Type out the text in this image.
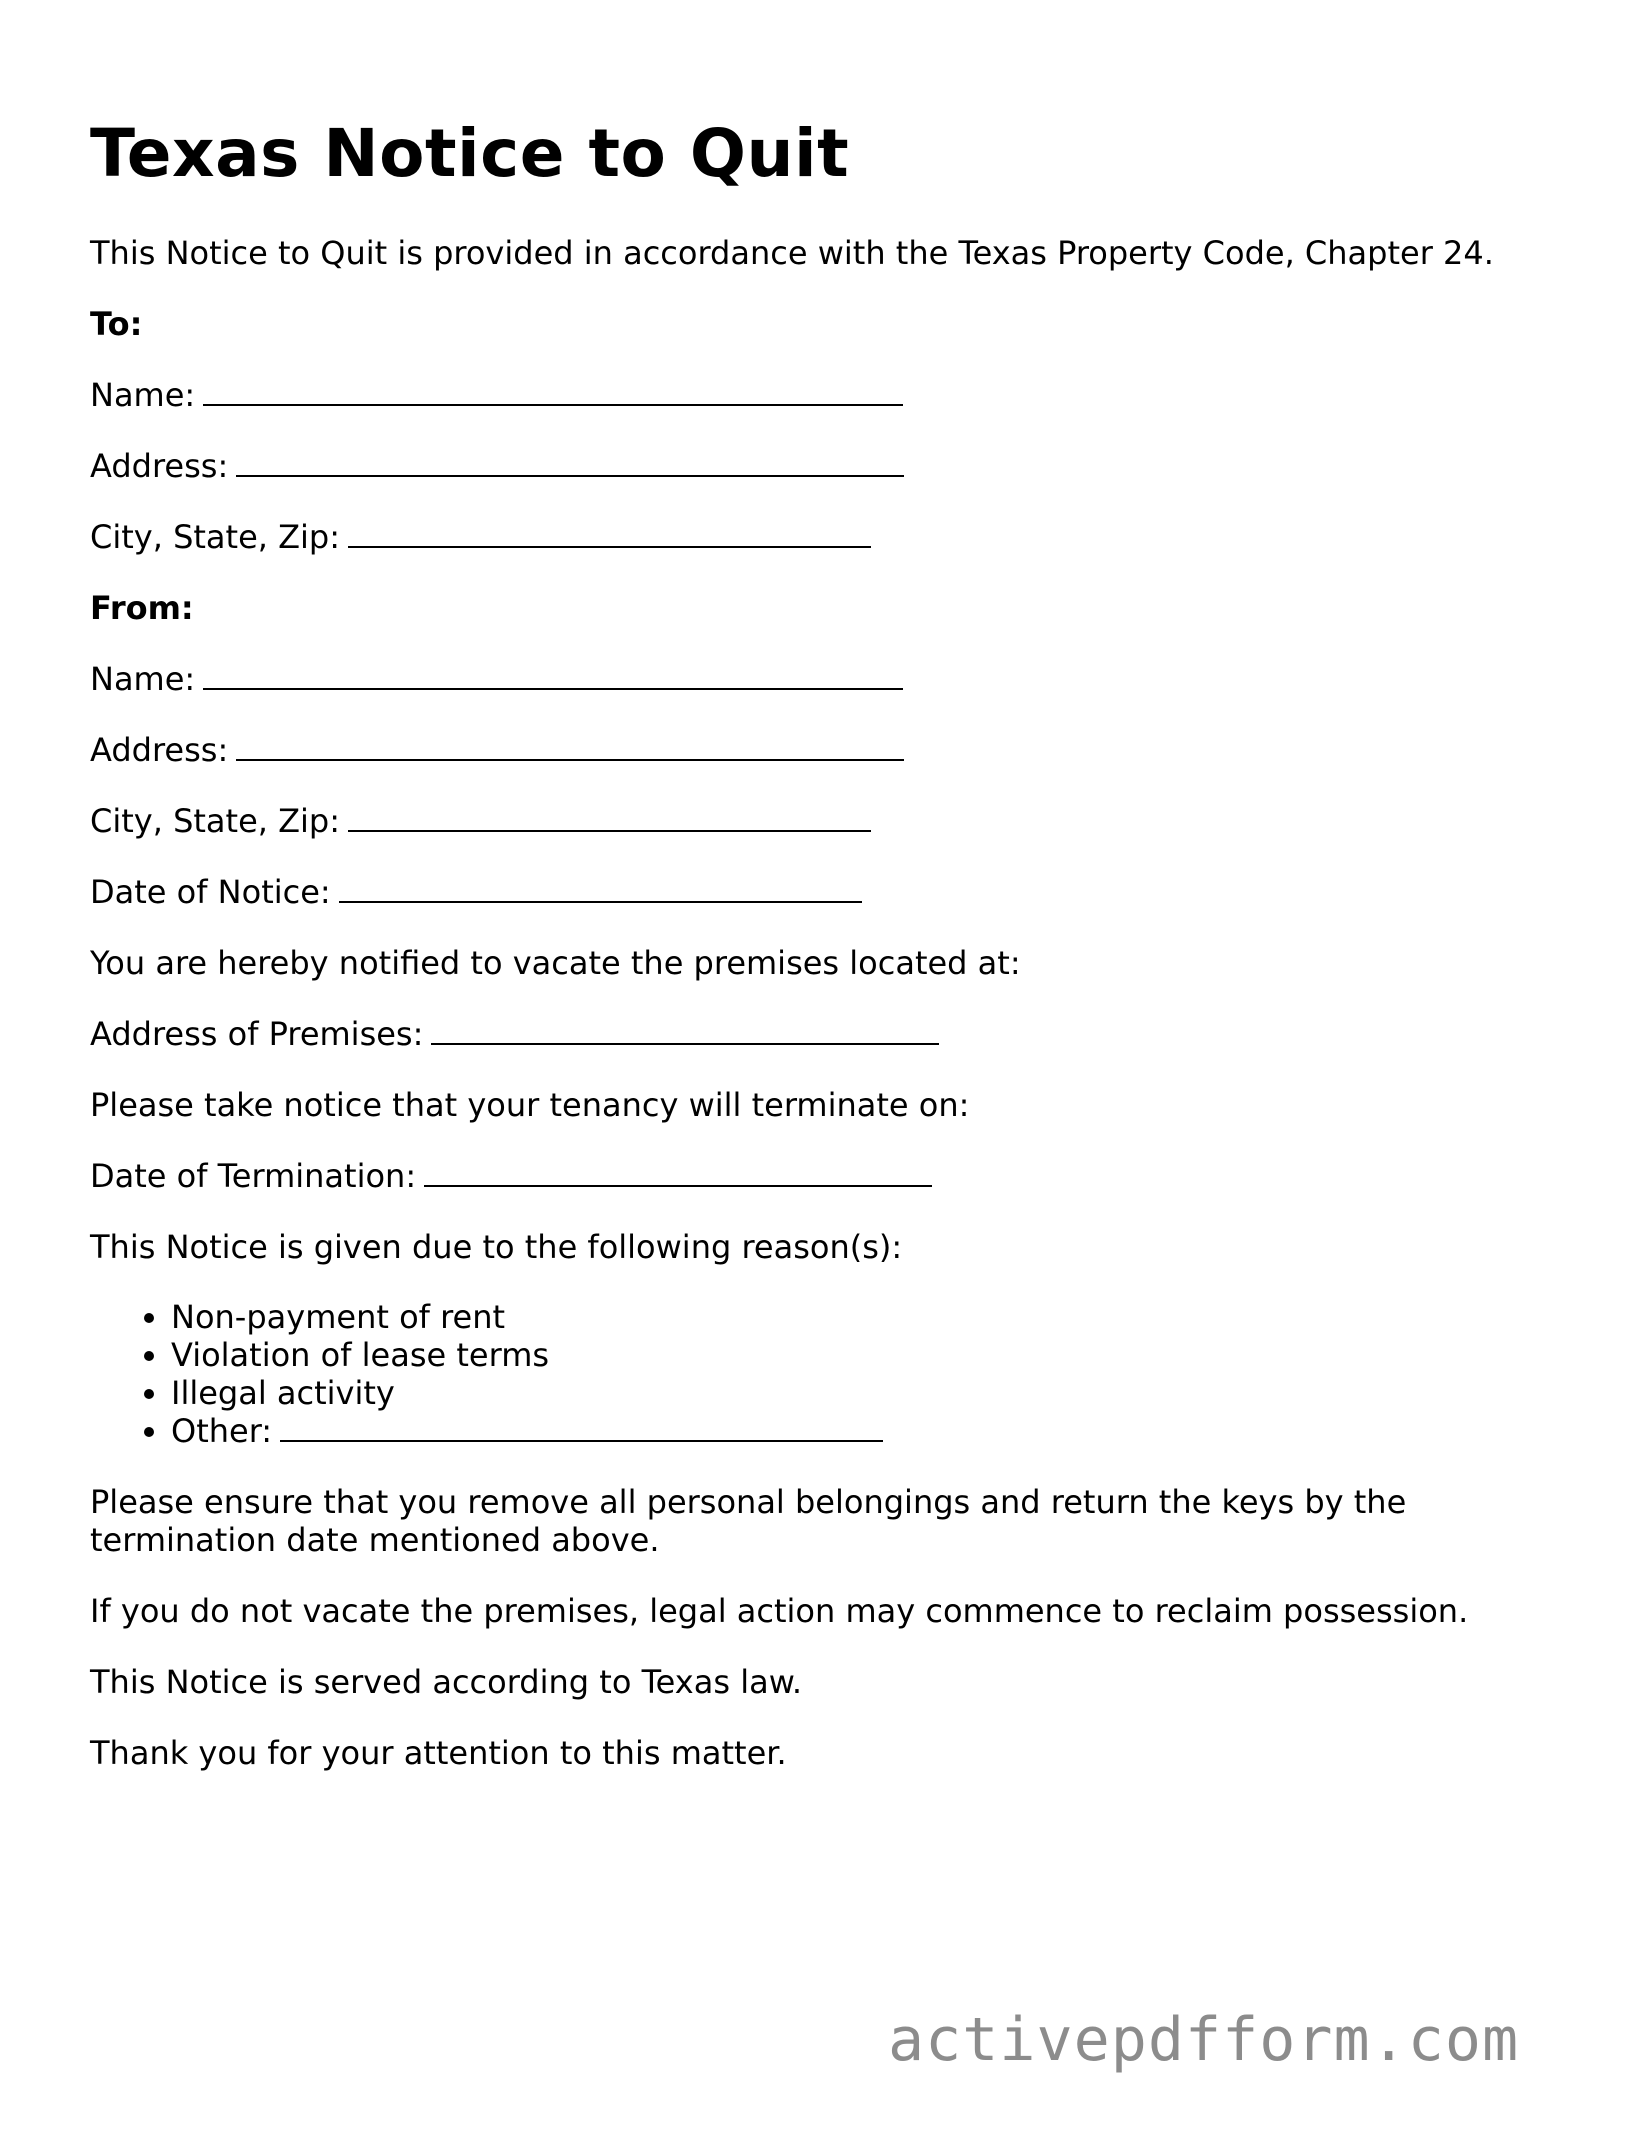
Texas Notice to Quit

This Notice to Quit is provided in accordance with the Texas Property Code, Chapter 24.

To:

Name:

Address:

City, State, Zip:

From:

Name:

Address:

City, State, Zip:

Date of Notice:

You are hereby notified to vacate the premises located at:

Address of Premises:

Please take notice that your tenancy will terminate on:

Date of Termination:

This Notice is given due to the following reason(s):

• Non-payment of rent
• Violation of lease terms
• Illegal activity
• Other:

Please ensure that you remove all personal belongings and return the keys by the termination date mentioned above.

If you do not vacate the premises, legal action may commence to reclaim possession.

This Notice is served according to Texas law.

Thank you for your attention to this matter.

activepdfform.com
